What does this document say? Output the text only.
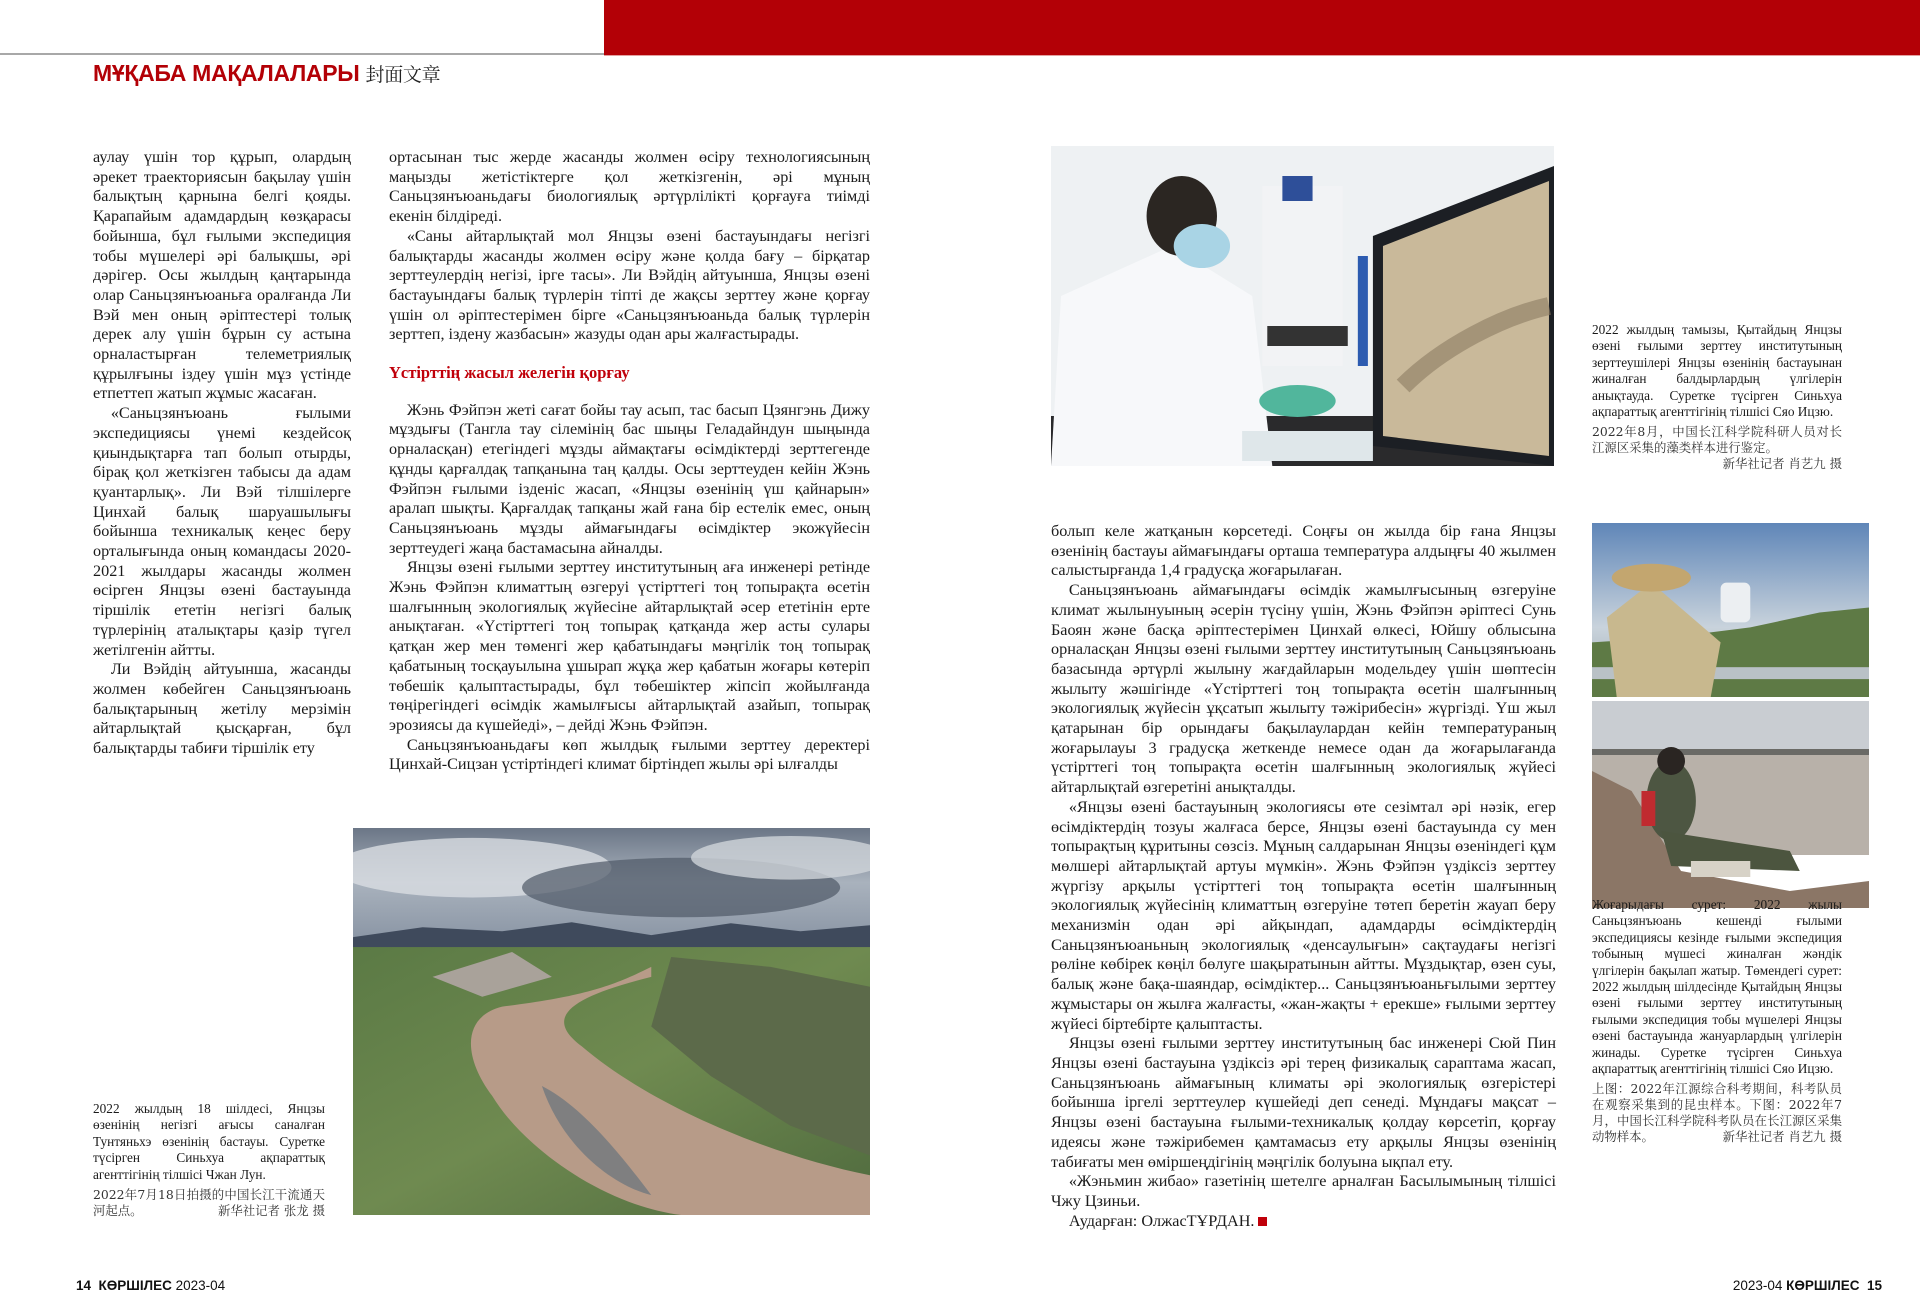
МҰҚАБА МАҚАЛАЛАРЫ 封面文章

аулау үшін тор құрып, олардың әрекет траекториясын бақылау үшін балықтың қарнына белгі қояды. Қарапайым адамдардың көзқарасы бойынша, бұл ғылыми экспедиция тобы мүшелері әрі балықшы, әрі дәрігер. Осы жылдың қаңтарында олар Саньцзянъюаньға оралғанда Ли Вэй мен оның әріптестері толық дерек алу үшін бұрын су астына орналастырған телеметриялық құрылғыны іздеу үшін мұз үстінде етпеттеп жатып жұмыс жасаған.

«Саньцзянъюань ғылыми экспедициясы үнемі кездейсоқ қиындықтарға тап болып отырды, бірақ қол жеткізген табысы да адам қуантарлық». Ли Вэй тілшілерге Цинхай балық шаруашылығы бойынша техникалық кеңес беру орталығында оның командасы 2020-2021 жылдары жасанды жолмен өсірген Янцзы өзені бастауында тіршілік ететін негізгі балық түрлерінің аталықтары қазір түгел жетілгенін айтты.

Ли Вэйдің айтуынша, жасанды жолмен көбейген Саньцзянъюань балықтарының жетілу мерзімін айтарлықтай қысқарған, бұл балықтарды табиғи тіршілік ету

ортасынан тыс жерде жасанды жолмен өсіру технологиясының маңызды жетістіктерге қол жеткізгенін, әрі мұның Саньцзянъюаньдағы биологиялық әртүрлілікті қорғауға тиімді екенін білдіреді.

«Саны айтарлықтай мол Янцзы өзені бастауындағы негізгі балықтарды жасанды жолмен өсіру және қолда бағу – бірқатар зерттеулердің негізі, ірге тасы». Ли Вэйдің айтуынша, Янцзы өзені бастауындағы балық түрлерін тіпті де жақсы зерттеу және қорғау үшін ол әріптестерімен бірге «Саньцзянъюаньда балық түрлерін зерттеп, іздену жазбасын» жазуды одан ары жалғастырады.

Үстірттің жасыл желегін қорғау

Жэнь Фэйпэн жеті сағат бойы тау асып, тас басып Цзянгэнь Дижу мұздығы (Тангла тау сілемінің бас шыңы Геладайндун шыңында орналасқан) етегіндегі мұзды аймақтағы өсімдіктерді зерттегенде құнды қарғалдақ тапқанына таң қалды. Осы зерттеуден кейін Жэнь Фэйпэн ғылыми ізденіс жасап, «Янцзы өзенінің үш қайнарын» аралап шықты. Қарғалдақ тапқаны жай ғана бір естелік емес, оның Саньцзянъюань мұзды аймағындағы өсімдіктер экожүйесін зерттеудегі жаңа бастамасына айналды.

Янцзы өзені ғылыми зерттеу институтының аға инженері ретінде Жэнь Фэйпэн климаттың өзгеруі үстірттегі тоң топырақта өсетін шалғынның экологиялық жүйесіне айтарлықтай әсер ететінін ерте анықтаған. «Үстірттегі тоң топырақ қатқанда жер асты сулары қатқан жер мен төменгі жер қабатындағы мәңгілік тоң топырақ қабатының тосқауылына ұшырап жұқа жер қабатын жоғары көтеріп төбешік қалыптастырады, бұл төбешіктер жіпсіп жойылғанда төңірегіндегі өсімдік жамылғысы айтарлықтай азайып, топырақ эрозиясы да күшейеді», – дейді Жэнь Фэйпэн.

Саньцзянъюаньдағы көп жылдық ғылыми зерттеу деректері Цинхай-Сицзан үстіртіндегі климат біртіндеп жылы әрі ылғалды

2022 жылдың 18 шілдесі, Янцзы өзенінің негізгі ағысы саналған Тунтяньхэ өзенінің бастауы. Суретке түсірген Синьхуа ақпараттық агенттігінің тілшісі Чжан Лун.
2022年7月18日拍摄的中国长江干流通天河起点。	新华社记者 张龙 摄
2022 жылдың тамызы, Қытайдың Янцзы өзені ғылыми зерттеу институтының зерттеушілері Янцзы өзенінің бастауынан жиналған балдырлардың үлгілерін анықтауда. Суретке түсірген Синьхуа ақпараттық агенттігінің тілшісі Сяо Ицзю.
2022年8月，中国长江科学院科研人员对长江源区采集的藻类样本进行鉴定。

新华社记者 肖艺九 摄

болып келе жатқанын көрсетеді. Соңғы он жылда бір ғана Янцзы өзенінің бастауы аймағындағы орташа температура алдыңғы 40 жылмен салыстырғанда 1,4 градусқа жоғарылаған.

Саньцзянъюань аймағындағы өсімдік жамылғысының өзгеруіне климат жылынуының әсерін түсіну үшін, Жэнь Фэйпэн әріптесі Сунь Баоян және басқа әріптестерімен Цинхай өлкесі, Юйшу облысына орналасқан Янцзы өзені ғылыми зерттеу институтының Саньцзянъюань базасында әртүрлі жылыну жағдайларын модельдеу үшін шөптесін жылыту жәшігінде «Үстірттегі тоң топырақта өсетін шалғынның экологиялық жүйесін ұқсатып жылыту тәжірибесін» жүргізді. Үш жыл қатарынан бір орындағы бақылаулардан кейін температураның жоғарылауы 3 градусқа жеткенде немесе одан да жоғарылағанда үстірттегі тоң топырақта өсетін шалғынның экологиялық жүйесі айтарлықтай өзгеретіні анықталды.

«Янцзы өзені бастауының экологиясы өте сезімтал әрі нәзік, егер өсімдіктердің тозуы жалғаса берсе, Янцзы өзені бастауында су мен топырақтың құритыны сөзсіз. Мұның салдарынан Янцзы өзеніндегі құм мөлшері айтарлықтай артуы мүмкін». Жэнь Фэйпэн үздіксіз зерттеу жүргізу арқылы үстірттегі тоң топырақта өсетін шалғынның экологиялық жүйесінің климаттың өзгеруіне төтеп беретін жауап беру механизмін одан әрі айқындап, адамдарды өсімдіктердің Саньцзянъюаньның экологиялық «денсаулығын» сақтаудағы негізгі рөліне көбірек көңіл бөлуге шақыратынын айтты. Мұздықтар, өзен суы, балық және бақа-шаяндар, өсімдіктер... Саньцзянъюаньғылыми зерттеу жұмыстары он жылға жалғасты, «жан-жақты + ерекше» ғылыми зерттеу жүйесі біртебірте қалыптасты.

Янцзы өзені ғылыми зерттеу институтының бас инженері Сюй Пин Янцзы өзені бастауына үздіксіз әрі терең физикалық сараптама жасап, Саньцзянъюань аймағының климаты әрі экологиялық өзгерістері бойынша іргелі зерттеулер күшейеді деп сенеді. Мұндағы мақсат –Янцзы өзені бастауына ғылыми-техникалық қолдау көрсетіп, қорғау идеясы және тәжірибемен қамтамасыз ету арқылы Янцзы өзенінің табиғаты мен өміршеңдігінің мәңгілік болуына ықпал ету.

«Жэньмин жибао» газетінің шетелге арналған Басылымының тілшісі Чжу Цзиньи.

Аударған: ОлжасТҰРДАН.

Жоғарыдағы сурет: 2022 жылы Саньцзянъюань кешенді ғылыми экспедициясы кезінде ғылыми экспедиция тобының мүшесі жиналған жәндік үлгілерін бақылап жатыр. Төмендегі сурет: 2022 жылдың шілдесінде Қытайдың Янцзы өзені ғылыми зерттеу институтының ғылыми экспедиция тобы мүшелері Янцзы өзені бастауында жануарлардың үлгілерін жинады. Суретке түсірген Синьхуа ақпараттық агенттігінің тілшісі Сяо Ицзю.
上图：2022年江源综合科考期间，科考队员在观察采集到的昆虫样本。下图：2022年7月，中国长江科学院科考队员在长江源区采集动物样本。	新华社记者 肖艺九 摄
14 КӨРШІЛЕС 2023-04	2023-04 КӨРШІЛЕС 15
